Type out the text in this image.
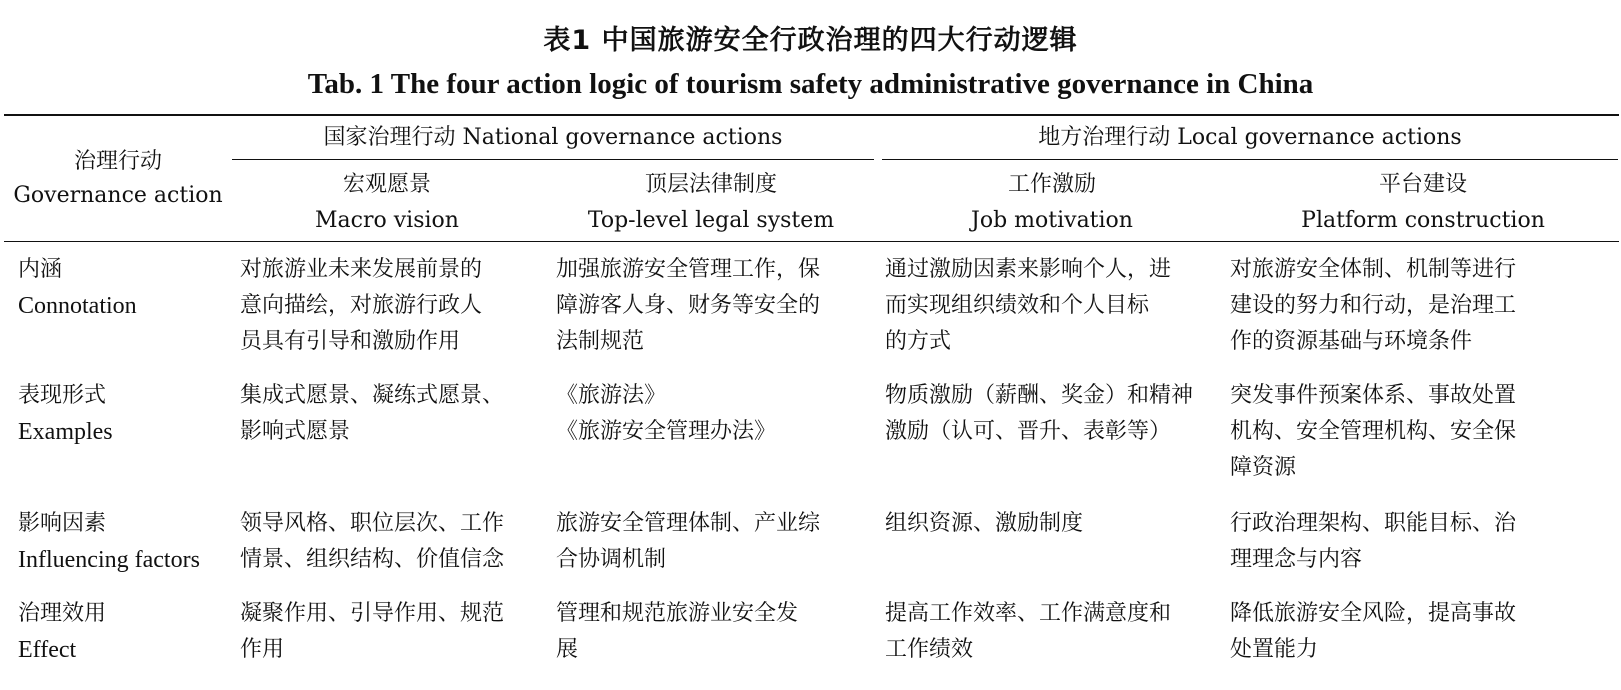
表1 中国旅游安全行政治理的四大行动逻辑
Tab. 1 The four action logic of tourism safety administrative governance in China
治理行动
Governance action
国家治理行动 National governance actions	地方治理行动 Local governance actions
宏观愿景
Macro vision
顶层法律制度
Top-level legal system
工作激励
Job motivation
平台建设
Platform construction
内涵
Connotation
对旅游业未来发展前景的
意向描绘，对旅游行政人
员具有引导和激励作用
加强旅游安全管理工作，保
障游客人身、财务等安全的
法制规范
通过激励因素来影响个人，进
而实现组织绩效和个人目标
的方式
对旅游安全体制、机制等进行
建设的努力和行动，是治理工
作的资源基础与环境条件
表现形式
Examples
集成式愿景、凝练式愿景、
影响式愿景
《旅游法》
《旅游安全管理办法》
物质激励（薪酬、奖金）和精神
激励（认可、晋升、表彰等）
突发事件预案体系、事故处置
机构、安全管理机构、安全保
障资源
影响因素
Influencing factors
领导风格、职位层次、工作
情景、组织结构、价值信念
旅游安全管理体制、产业综
合协调机制
组织资源、激励制度	行政治理架构、职能目标、治
理理念与内容
治理效用
Effect
凝聚作用、引导作用、规范
作用
管理和规范旅游业安全发
展
提高工作效率、工作满意度和
工作绩效
降低旅游安全风险，提高事故
处置能力
